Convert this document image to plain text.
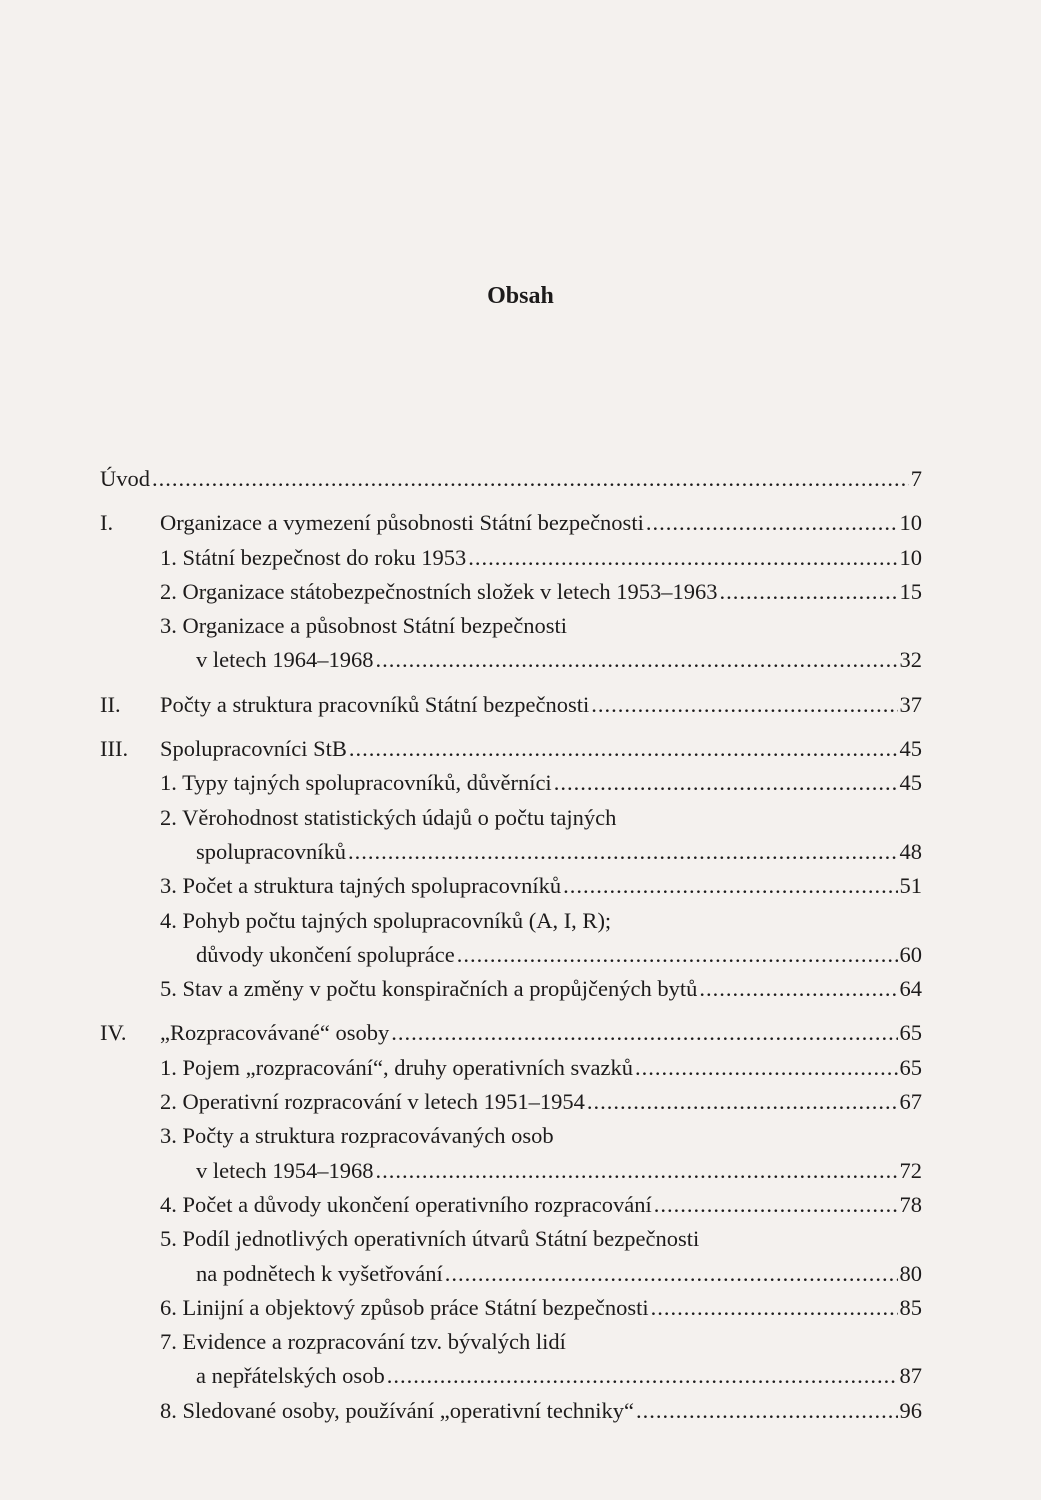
Obsah
Úvod .....	7
I.	Organizace a vymezení působnosti Státní bezpečnosti .....	10
1. Státní bezpečnost do roku 1953 .....	10
2. Organizace státobezpečnostních složek v letech 1953–1963 .....	15
3. Organizace a působnost Státní bezpečnosti
v letech 1964–1968 .....	32
II.	Počty a struktura pracovníků Státní bezpečnosti .....	37
III.	Spolupracovníci StB .....	45
1. Typy tajných spolupracovníků, důvěrníci .....	45
2. Věrohodnost statistických údajů o počtu tajných
spolupracovníků .....	48
3. Počet a struktura tajných spolupracovníků .....	51
4. Pohyb počtu tajných spolupracovníků (A, I, R);
důvody ukončení spolupráce .....	60
5. Stav a změny v počtu konspiračních a propůjčených bytů .....	64
IV.	„Rozpracovávané“ osoby .....	65
1. Pojem „rozpracování“, druhy operativních svazků .....	65
2. Operativní rozpracování v letech 1951–1954 .....	67
3. Počty a struktura rozpracovávaných osob
v letech 1954–1968 .....	72
4. Počet a důvody ukončení operativního rozpracování .....	78
5. Podíl jednotlivých operativních útvarů Státní bezpečnosti
na podnětech k vyšetřování .....	80
6. Linijní a objektový způsob práce Státní bezpečnosti .....	85
7. Evidence a rozpracování tzv. bývalých lidí
a nepřátelských osob .....	87
8. Sledované osoby, používání „operativní techniky“ .....	96
